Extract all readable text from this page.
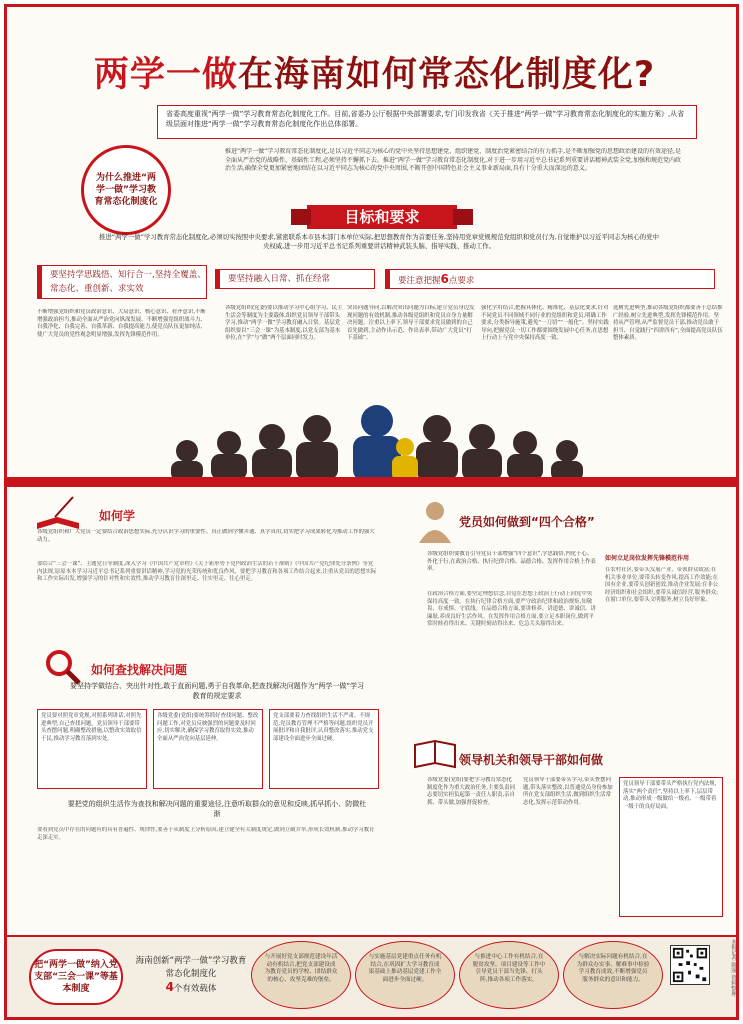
两学一做在海南如何常态化制度化?
省委高度重视“两学一做”学习教育常态化制度化工作。目前,省委办公厅根据中央部署要求,专门印发我省《关于推进“两学一做”学习教育常态化制度化的实施方案》,从省级层面对推进“两学一做”学习教育常态化制度化作出总体部署。
为什么推进“两学一做”学习教育常态化制度化
推进“两学一做”学习教育常态化制度化,是以习近平同志为核心的党中央坚持思想建党、组织建党、制度治党紧密结合的有力抓手,是不断加强党的思想政治建设的有效途径,是全面从严治党的战略性、基础性工程,必须坚持不懈抓下去。推进“两学一做”学习教育常态化制度化,对于进一步用习近平总书记系列重要讲话精神武装全党,加强和规范党内政治生活,确保全党更加紧密地团结在以习近平同志为核心的党中央周围,不断开创中国特色社会主义事业新局面,具有十分重大而深远的意义。
目标和要求
推进“两学一做”学习教育常态化制度化,必须切实按照中央要求,紧密联系本市县本部门本单位实际,把思想教育作为首要任务,坚持用党章党规规范党组织和党员行为,自觉维护以习近平同志为核心的党中央权威,进一步用习近平总书记系列重要讲话精神武装头脑、指导实践、推动工作。
要坚持学思践悟、知行合一,坚持全覆盖、常态化、重创新、求实效
要坚持融入日常、抓在经常	要注意把握6点要求
不断增强党组织和党员政治意识、大局意识、核心意识、看齐意识,不断增强政治担当,推动全面从严治党向纵深发展。不断增强党组织战斗力、自我净化、自我完善、自我革新、自我提高能力,使党员队伍更加纯洁,使广大党员的党性观念明显增强,发挥先锋模范作用。
各级党组织(党委)要以推动学习中心组学习、民主生活会等制度为主要载体,组织党员领导干部带头学习,推动“两学一做”学习教育融入日常。基层党组织要以“三会一课”为基本制度,以党支部为基本单位,在“学”与“做”两个层面同时发力。
突出问题导向,以解决突出问题为目标,建立党员身边发现问题的有效机制,推动各级党组织和党员自身力量解决问题。注重以上率下,领导干部要求党员做到的自己首先做到,主动作出示范、作出表率,带动广大党员“打下基础”。
强化学用结合,把握具体化、精准化、基层化要求,针对不同党员不同领域不同行业的党组织和党员,明确工作要求,分类指导施策,避免“一刀切”“一般化”。坚持实践导向,把握党员一切工作都要围绕发展中心任务,在思想上行动上与党中央保持高度一致。
选树先进典型,推动各级党组织都要善于总结推广经验,树立先进典型,发挥先锋模范作用。坚持从严管理,从严监督党员干部,推动党员敢于担当、自觉践行“四讲四有”,全面提高党员队伍整体素质。
如何学
各级党组织和广大党员一定要结合政治思想实际,充分认识学习的重要性。真正做到学懂弄通、真学真用,切实把学习成果转化为推动工作的强大动力。
要结合“三会一课”、主题党日等制度,深入学习《中国共产党章程》《关于新形势下党内政治生活的若干准则》《中国共产党纪律处分条例》等党内法规,原原本本学习习近平总书记系列重要讲话精神,学习党的光荣传统和优良作风。要把学习教育和各项工作结合起来,注重从党员的思想实际和工作实际出发,增强学习的针对性和实效性,推动学习教育往深里走、往实里走、往心里走。
如何查找解决问题
要坚持学做结合、突出针对性,敢于直面问题,勇于自我革命,把查找解决问题作为“两学一做”学习教育的规定要求
党员要对照党章党规,对照系列讲话,对照先进典型,自己查找问题。党员领导干部要带头查摆问题,明确整改措施,以整改实效取信于民,推动学习教育落到实处。
各级党委(党组)要统筹抓好查找问题、整改问题工作,对党员反映强烈的问题要及时回应,切实解决,确保学习教育取得实效,推动全面从严治党向基层延伸。
党支部要着力查找组织生活不严肃、不规范,党员教育管理不严格等问题,组织党员开展批评和自我批评,认真整改落实,推动党支部建设全面进步全面过硬。
要把党的组织生活作为查找和解决问题的重要途径,注意听取群众的意见和反映,抓早抓小、防微杜渐
要看到党员中存在的问题有的具有普遍性、规律性,要善于从制度上分析原因,建立健全有关制度规定,做到立破并举,形成长效机制,推动学习教育走深走实。
党员如何做到“四个合格”
各级党组织要教育引导党员干部增强“四个意识”,学思践悟,内化于心、外化于行,在政治合格、执行纪律合格、品德合格、发挥作用合格上作表率。
在政治合格方面,要坚定理想信念,自觉在思想上政治上行动上同党中央保持高度一致。在执行纪律合格方面,要严守政治纪律和政治规矩,知敬畏、存戒惧、守底线。在品德合格方面,要讲修养、讲道德、讲诚信、讲廉耻,养成良好生活作风。在发挥作用合格方面,要立足本职岗位,做到平常时候看得出来、关键时刻站得出来、危急关头豁得出来。
如何立足岗位发挥先锋模范作用
在农村社区,要带头发展产业、带领群众致富;在机关事业单位,要带头转变作风,提高工作效能;在国有企业,要带头创新创效,推动企业发展;在非公经济组织和社会组织,要带头诚信经营,服务群众;在窗口单位,要带头文明服务,树立良好形象。
领导机关和领导干部如何做
各级党委(党组)要把学习教育常态化制度化作为重大政治任务,主要负责同志要切实担负起第一责任人职责,亲自抓、带头做,加强督促检查。
党员领导干部要带头学习,带头查摆问题,带头落实整改,以普通党员身份参加所在党支部组织生活,做到组织生活常态化,发挥示范带动作用。
党员领导干部要带头严格执行党内法规,落实“两个责任”,坚持以上率下,层层带动,推动形成一级做给一级看、一级带着一级干的良好局面。
把“两学一做”纳入党支部“三会一课”等基本制度
海南创新“两学一做”学习教育常态化制度化
4个有效载体
与开展好党支部规范建设年活动有机结合,把党支部建设成为教育党员的学校、团结群众的核心、攻坚克难的堡垒。
与实施基层党建重点任务有机结合,在巩固扩大学习教育成果基础上推动基层党建工作全面进步全面过硬。
与推进中心工作有机结合,在脱贫攻坚、项目建设等工作中引导党员干部当先锋、打头阵,推动各项工作落实。
与解决实际问题有机结合,在为群众办实事、解难事中检验学习教育成效,不断增强党员服务群众的意识和能力。	本报记者 制图 资料整理
